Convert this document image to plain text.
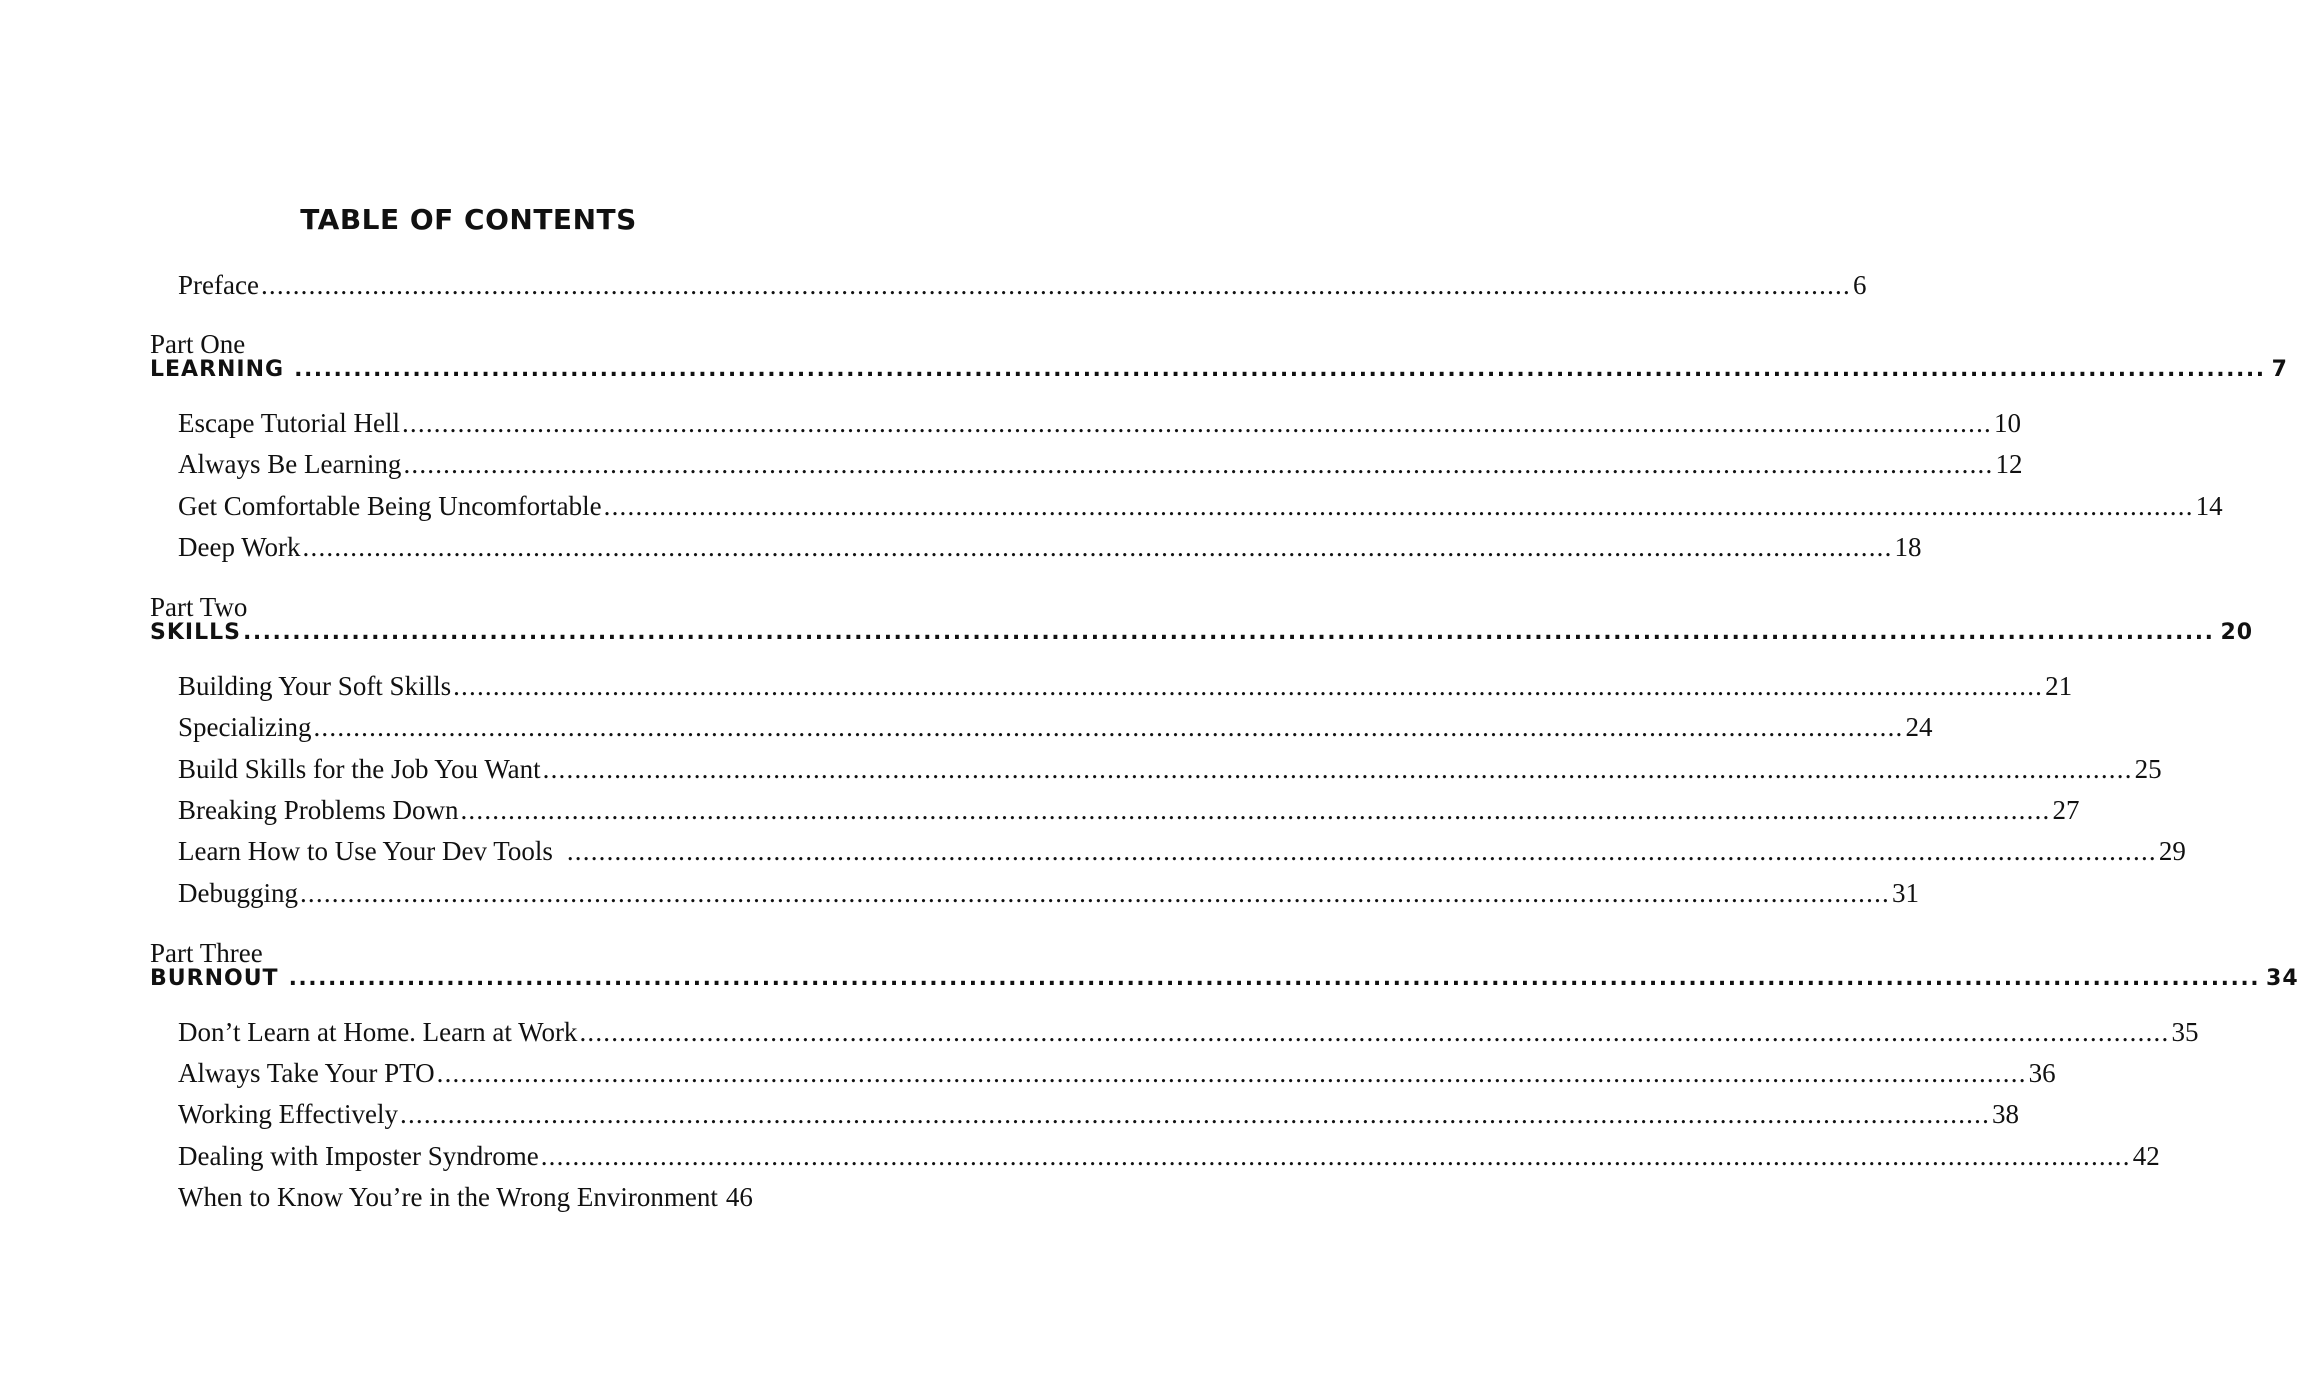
TABLE OF CONTENTS
Preface ........................................................................................................................................................................................................ 6
Part One
LEARNING ........................................................................................................................................................................................................ 7
Escape Tutorial Hell ........................................................................................................................................................................................................ 10
Always Be Learning ........................................................................................................................................................................................................ 12
Get Comfortable Being Uncomfortable ........................................................................................................................................................................................................ 14
Deep Work ........................................................................................................................................................................................................ 18
Part Two
SKILLS ........................................................................................................................................................................................................ 20
Building Your Soft Skills ........................................................................................................................................................................................................ 21
Specializing ........................................................................................................................................................................................................ 24
Build Skills for the Job You Want ........................................................................................................................................................................................................ 25
Breaking Problems Down ........................................................................................................................................................................................................ 27
Learn How to Use Your Dev Tools ........................................................................................................................................................................................................ 29
Debugging ........................................................................................................................................................................................................ 31
Part Three
BURNOUT ........................................................................................................................................................................................................ 34
Don’t Learn at Home. Learn at Work ........................................................................................................................................................................................................ 35
Always Take Your PTO ........................................................................................................................................................................................................ 36
Working Effectively ........................................................................................................................................................................................................ 38
Dealing with Imposter Syndrome ........................................................................................................................................................................................................ 42
When to Know You’re in the Wrong Environment 46
